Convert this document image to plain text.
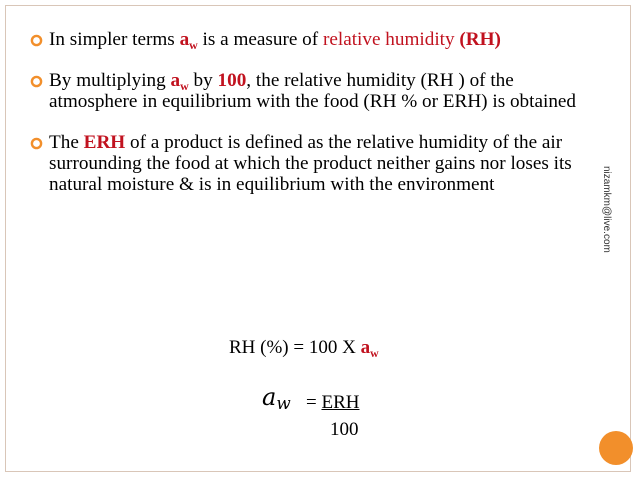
In simpler terms $a_w$ is a measure of relative humidity (RH)
By multiplying $a_w$ by 100, the relative humidity (RH ) of the atmosphere in equilibrium with the food (RH % or ERH) is obtained
The ERH of a product is defined as the relative humidity of the air surrounding the food at which the product neither gains nor loses its natural moisture & is in equilibrium with the environment	nizamkm@live.com
RH (%) = 100 X $a_w$
$a_w$ = ERH
100
